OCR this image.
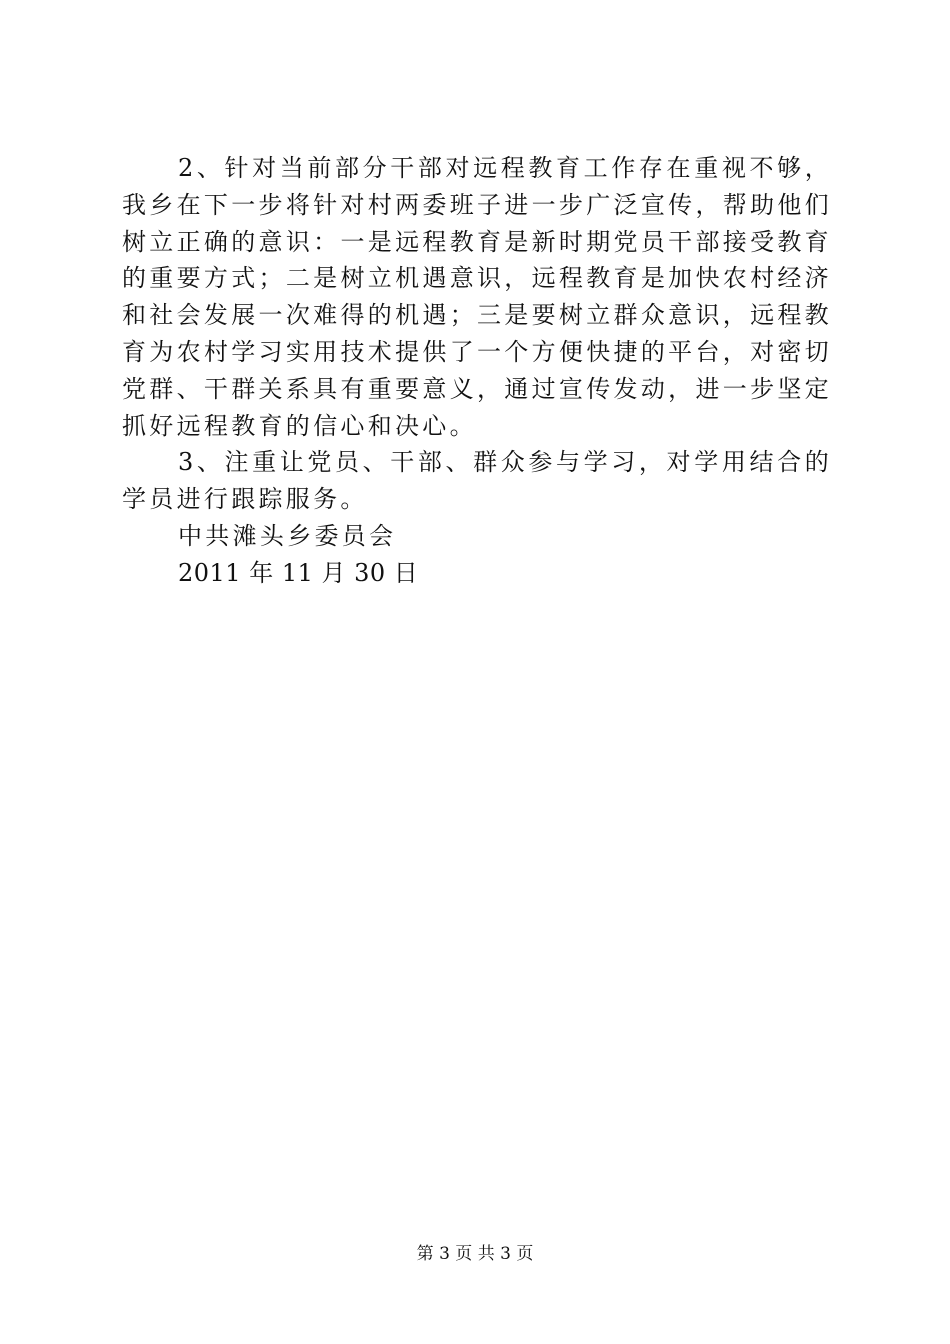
2、针对当前部分干部对远程教育工作存在重视不够，我乡在下一步将针对村两委班子进一步广泛宣传，帮助他们树立正确的意识：一是远程教育是新时期党员干部接受教育的重要方式；二是树立机遇意识，远程教育是加快农村经济和社会发展一次难得的机遇；三是要树立群众意识，远程教育为农村学习实用技术提供了一个方便快捷的平台，对密切党群、干群关系具有重要意义，通过宣传发动，进一步坚定抓好远程教育的信心和决心。

3、注重让党员、干部、群众参与学习，对学用结合的学员进行跟踪服务。

中共滩头乡委员会

2011 年 11 月 30 日

第 3 页 共 3 页
